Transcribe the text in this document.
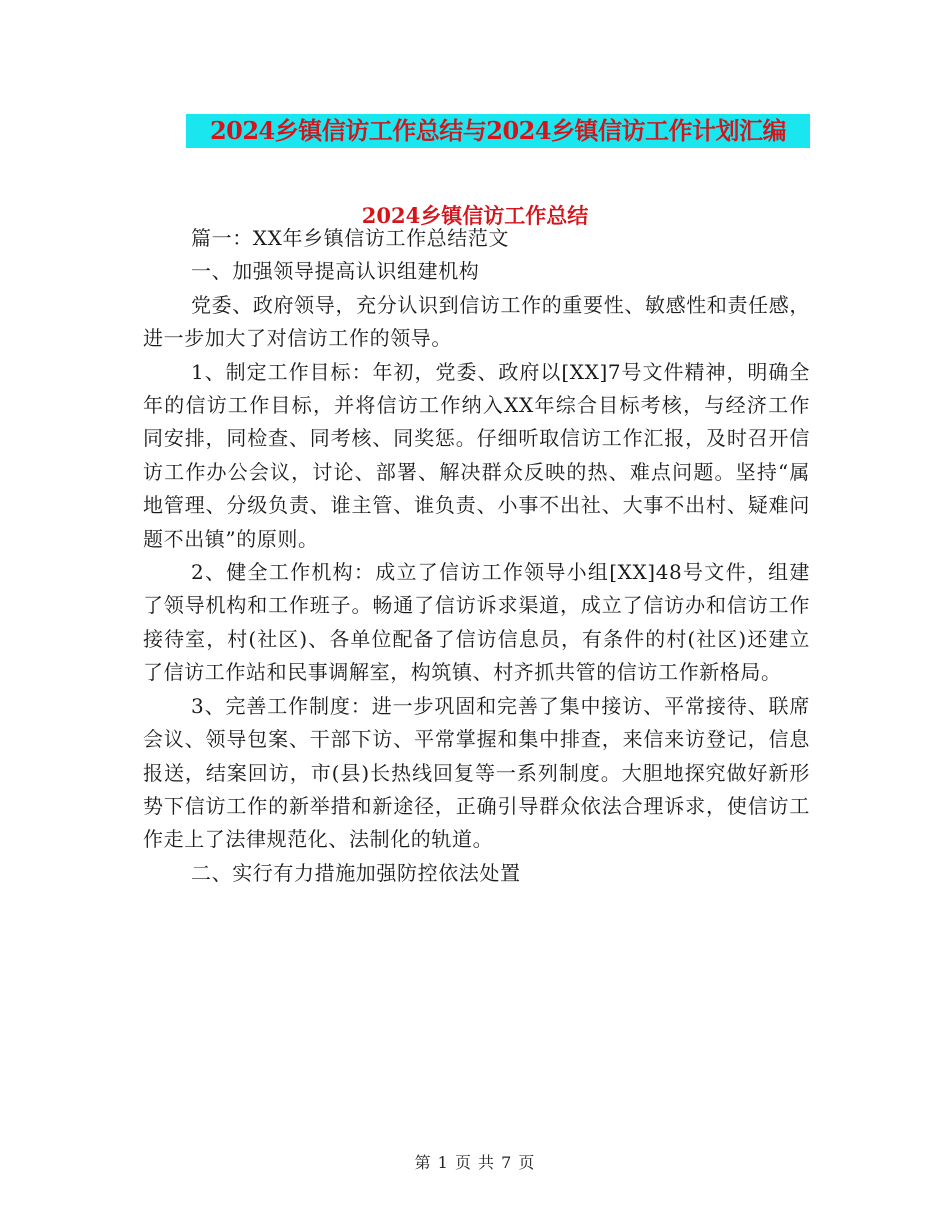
2024乡镇信访工作总结与2024乡镇信访工作计划汇编
2024乡镇信访工作总结

篇一：XX年乡镇信访工作总结范文

一、加强领导提高认识组建机构

党委、政府领导，充分认识到信访工作的重要性、敏感性和责任感，进一步加大了对信访工作的领导。

1、制定工作目标：年初，党委、政府以[XX]7号文件精神，明确全年的信访工作目标，并将信访工作纳入XX年综合目标考核，与经济工作同安排，同检查、同考核、同奖惩。仔细听取信访工作汇报，及时召开信访工作办公会议，讨论、部署、解决群众反映的热、难点问题。坚持“属地管理、分级负责、谁主管、谁负责、小事不出社、大事不出村、疑难问题不出镇”的原则。

2、健全工作机构：成立了信访工作领导小组[XX]48号文件，组建了领导机构和工作班子。畅通了信访诉求渠道，成立了信访办和信访工作接待室，村(社区)、各单位配备了信访信息员，有条件的村(社区)还建立了信访工作站和民事调解室，构筑镇、村齐抓共管的信访工作新格局。

3、完善工作制度：进一步巩固和完善了集中接访、平常接待、联席会议、领导包案、干部下访、平常掌握和集中排查，来信来访登记，信息报送，结案回访，市(县)长热线回复等一系列制度。大胆地探究做好新形势下信访工作的新举措和新途径，正确引导群众依法合理诉求，使信访工作走上了法律规范化、法制化的轨道。

二、实行有力措施加强防控依法处置

第 1 页 共 7 页
